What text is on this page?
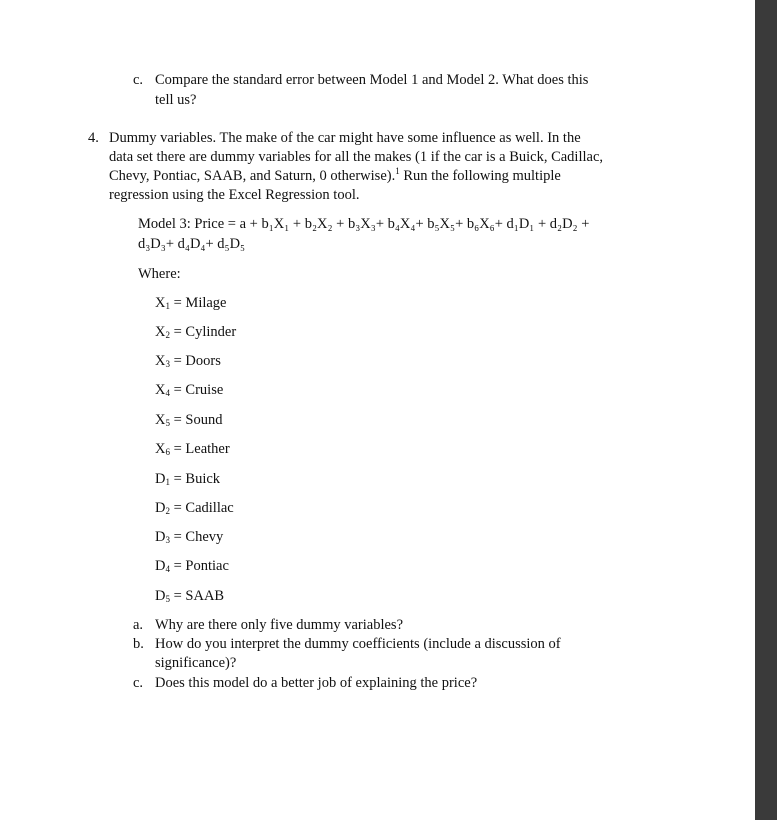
c. Compare the standard error between Model 1 and Model 2. What does this

tell us?

4. Dummy variables. The make of the car might have some influence as well. In the

data set there are dummy variables for all the makes (1 if the car is a Buick, Cadillac,

Chevy, Pontiac, SAAB, and Saturn, 0 otherwise).$^1$ Run the following multiple

regression using the Excel Regression tool.

Model 3: Price = a + b₁X₁ + b₂X₂ + b₃X₃+ b₄X₄+ b₅X₅+ b₆X₆+ d₁D₁ + d₂D₂ +

d₃D₃+ d₄D₄+ d₅D₅

Where:

$X_1$ = Milage
$X_2$ = Cylinder
$X_3$ = Doors
$X_4$ = Cruise
$X_5$ = Sound
$X_6$ = Leather
$D_1$ = Buick
$D_2$ = Cadillac
$D_3$ = Chevy
$D_4$ = Pontiac
$D_5$ = SAAB
a. Why are there only five dummy variables?

b. How do you interpret the dummy coefficients (include a discussion of

significance)?

c. Does this model do a better job of explaining the price?
